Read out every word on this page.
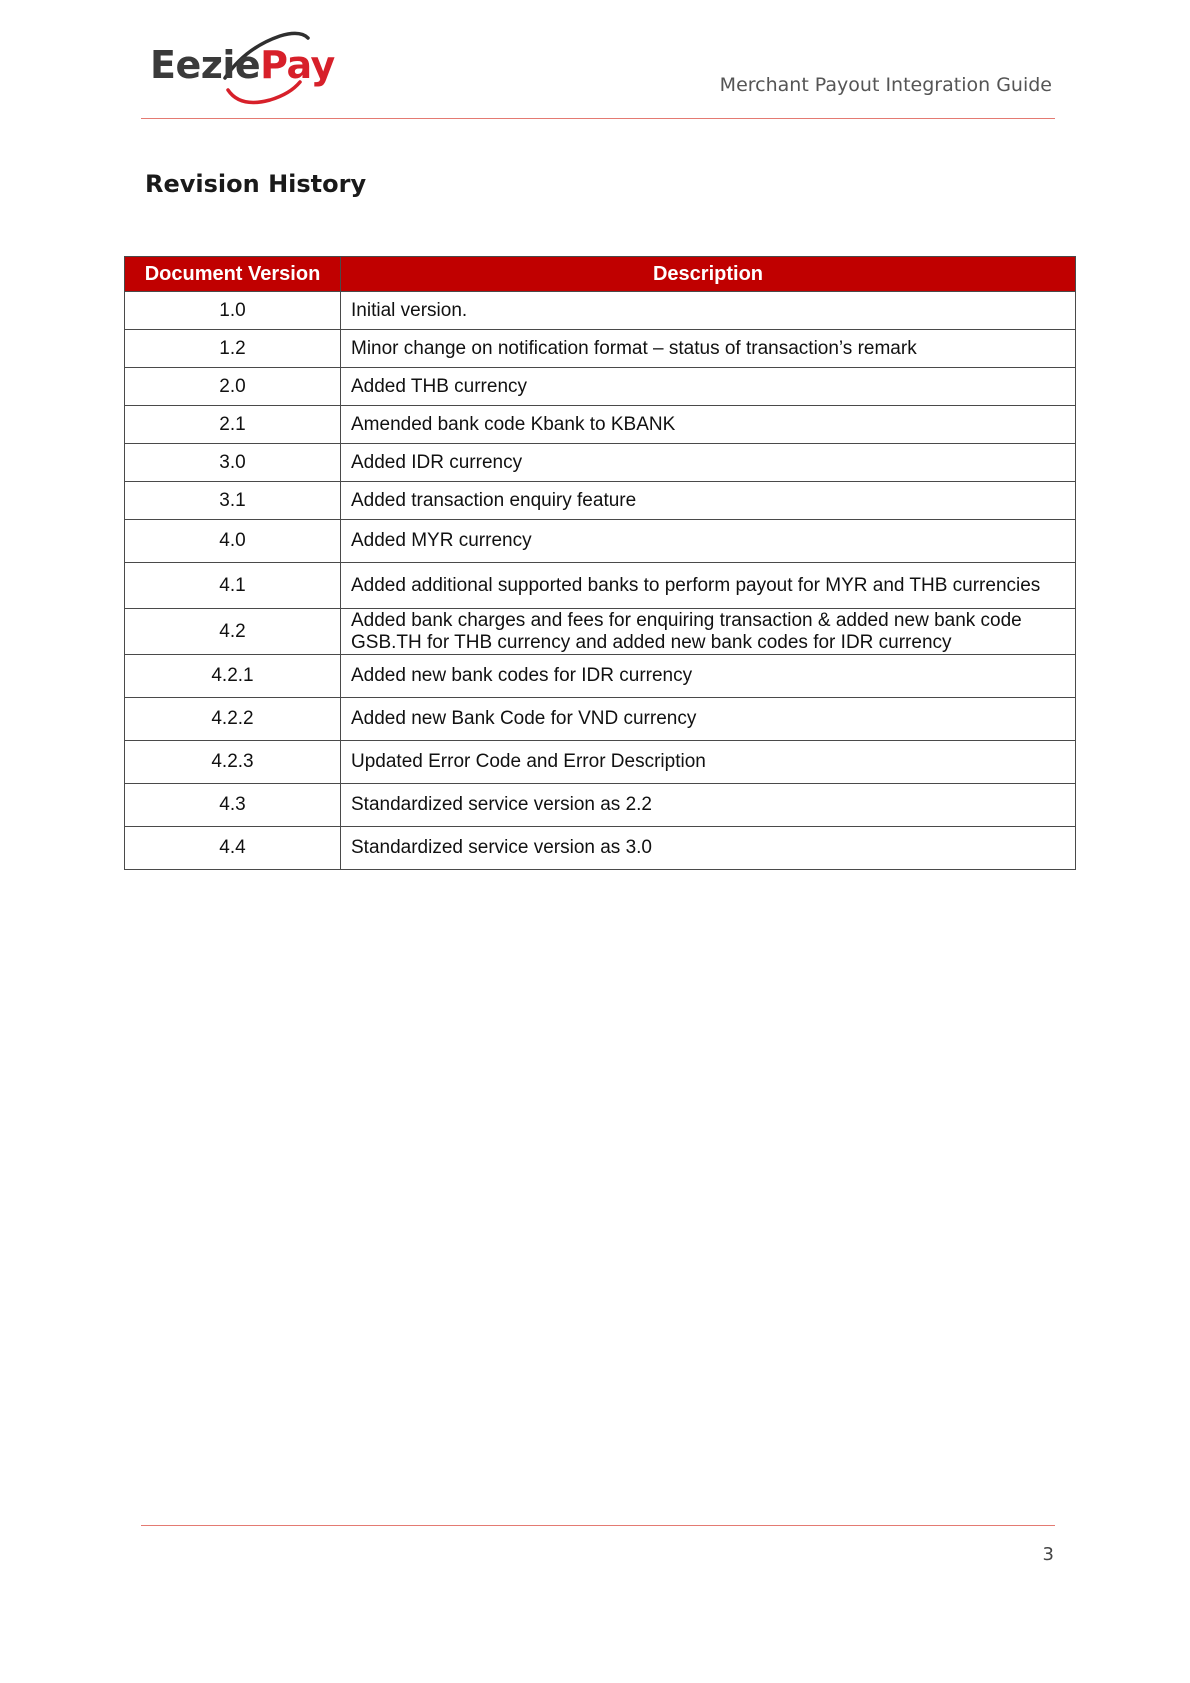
EeziePay	Merchant Payout Integration Guide
Revision History
Document Version	Description
1.0	Initial version.
1.2	Minor change on notification format – status of transaction’s remark
2.0	Added THB currency
2.1	Amended bank code Kbank to KBANK
3.0	Added IDR currency
3.1	Added transaction enquiry feature
4.0	Added MYR currency
4.1	Added additional supported banks to perform payout for MYR and THB currencies
4.2	Added bank charges and fees for enquiring transaction & added new bank code GSB.TH for THB currency and added new bank codes for IDR currency
4.2.1	Added new bank codes for IDR currency
4.2.2	Added new Bank Code for VND currency
4.2.3	Updated Error Code and Error Description
4.3	Standardized service version as 2.2
4.4	Standardized service version as 3.0
3
